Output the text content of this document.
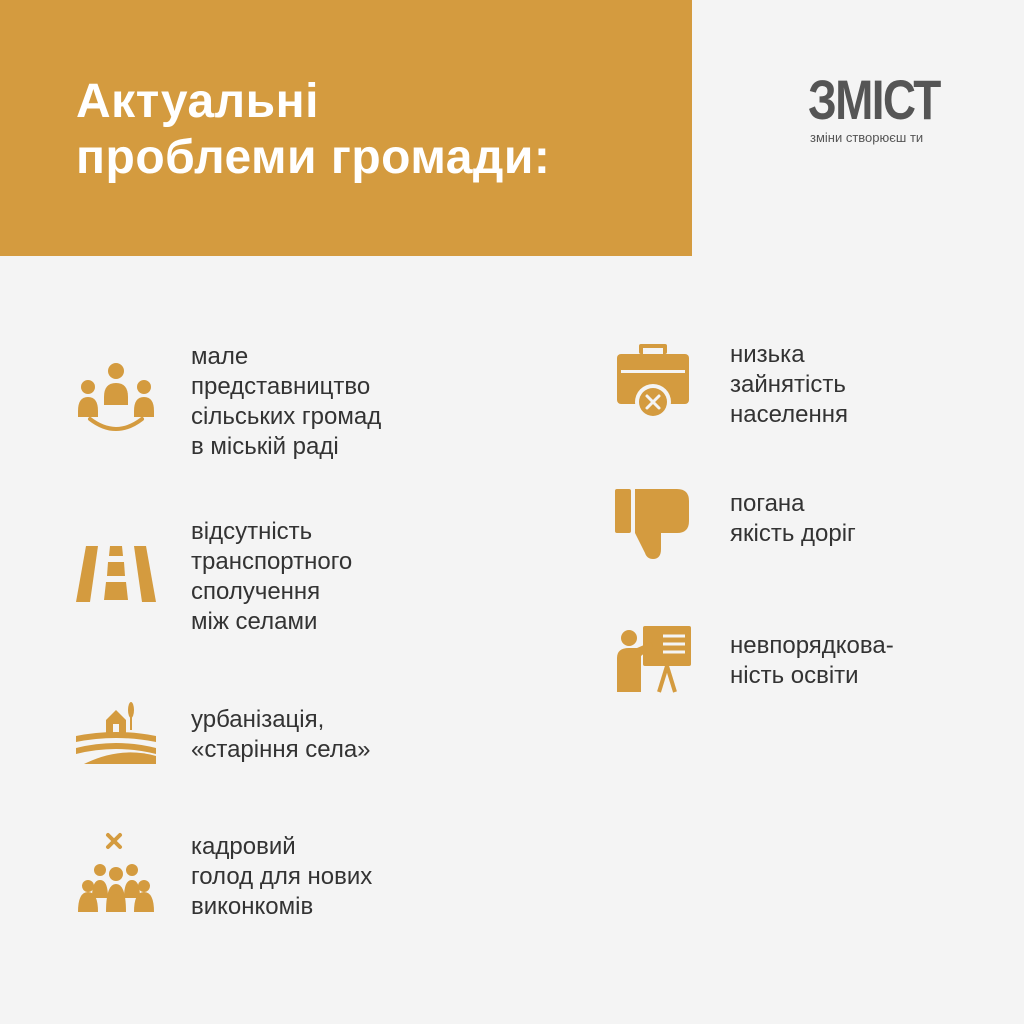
Актуальні
проблеми громади:
ЗМІСТ
зміни створюєш ти
мале
представництво
сільських громад
в міській раді
відсутність
транспортного
сполучення
між селами
урбанізація,
«старіння села»
кадровий
голод для нових
виконкомів
низька
зайнятість
населення
погана
якість доріг
невпорядкова-
ність освіти
